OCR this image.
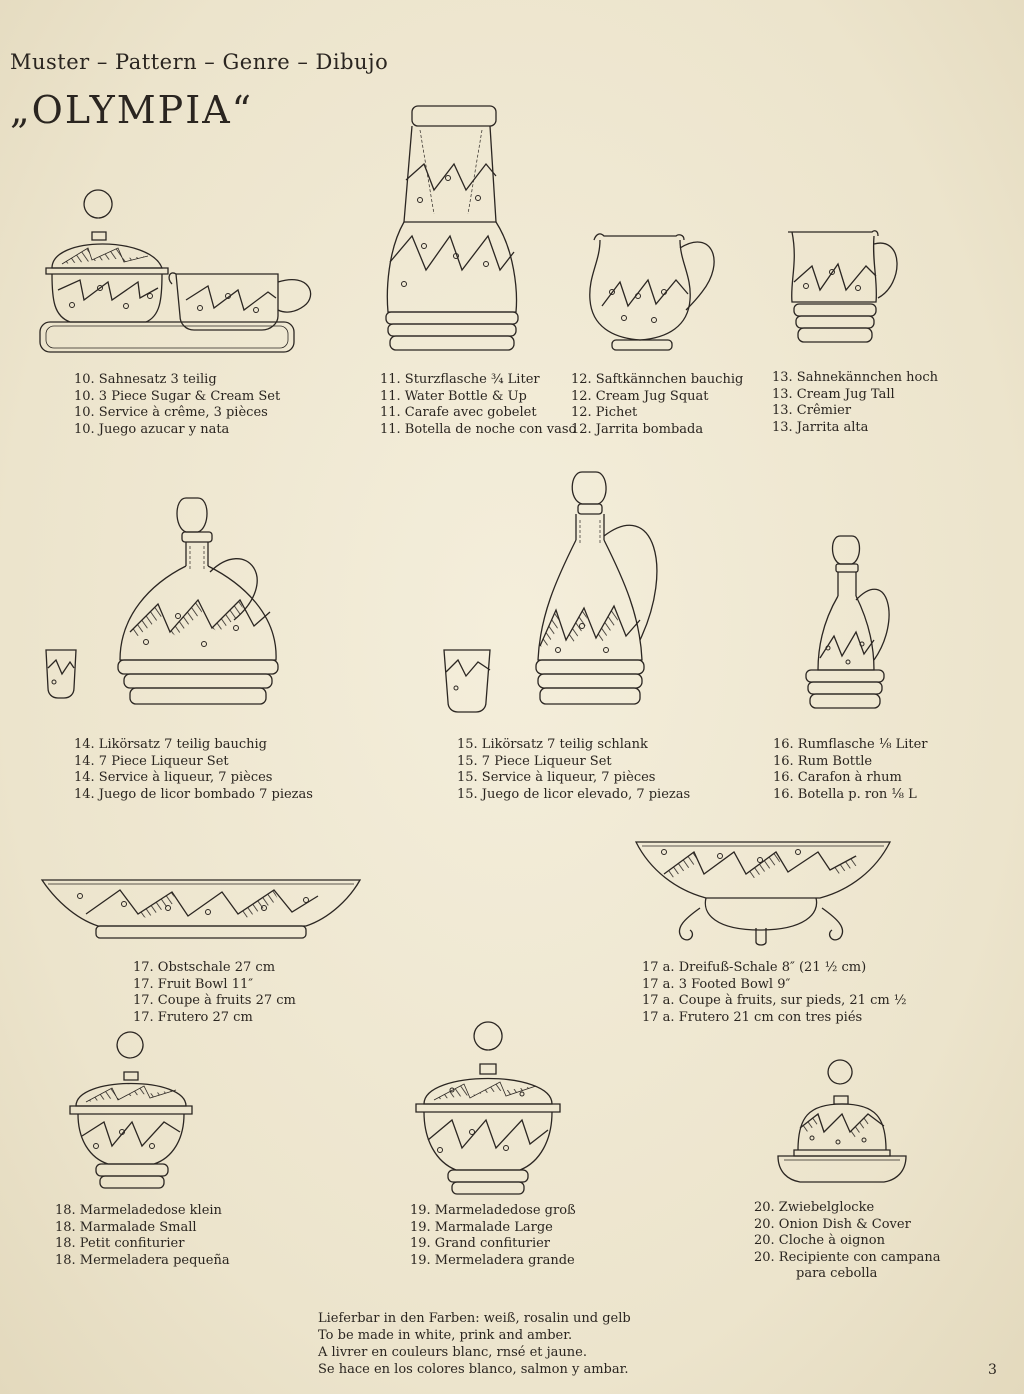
Muster – Pattern – Genre – Dibujo
„OLYMPIA“
10. Sahnesatz 3 teilig
10. 3 Piece Sugar & Cream Set
10. Service à crême, 3 pièces
10. Juego azucar y nata
11. Sturzflasche ¾ Liter
11. Water Bottle & Up
11. Carafe avec gobelet
11. Botella de noche con vaso
12. Saftkännchen bauchig
12. Cream Jug Squat
12. Pichet
12. Jarrita bombada
13. Sahnekännchen hoch
13. Cream Jug Tall
13. Crêmier
13. Jarrita alta
14. Likörsatz 7 teilig bauchig
14. 7 Piece Liqueur Set
14. Service à liqueur, 7 pièces
14. Juego de licor bombado 7 piezas
15. Likörsatz 7 teilig schlank
15. 7 Piece Liqueur Set
15. Service à liqueur, 7 pièces
15. Juego de licor elevado, 7 piezas
16. Rumflasche ⅛ Liter
16. Rum Bottle
16. Carafon à rhum
16. Botella p. ron ⅛ L
17. Obstschale 27 cm
17. Fruit Bowl 11″
17. Coupe à fruits 27 cm
17. Frutero 27 cm
17 a. Dreifuß-Schale 8″ (21 ½ cm)
17 a. 3 Footed Bowl 9″
17 a. Coupe à fruits, sur pieds, 21 cm ½
17 a. Frutero 21 cm con tres piés
18. Marmeladedose klein
18. Marmalade Small
18. Petit confiturier
18. Mermeladera pequeña
19. Marmeladedose groß
19. Marmalade Large
19. Grand confiturier
19. Mermeladera grande
20. Zwiebelglocke
20. Onion Dish & Cover
20. Cloche à oignon
20. Recipiente con campana
para cebolla
Lieferbar in den Farben: weiß, rosalin und gelb
To be made in white, prink and amber.
A livrer en couleurs blanc, rnsé et jaune.
Se hace en los colores blanco, salmon y ambar.	3
